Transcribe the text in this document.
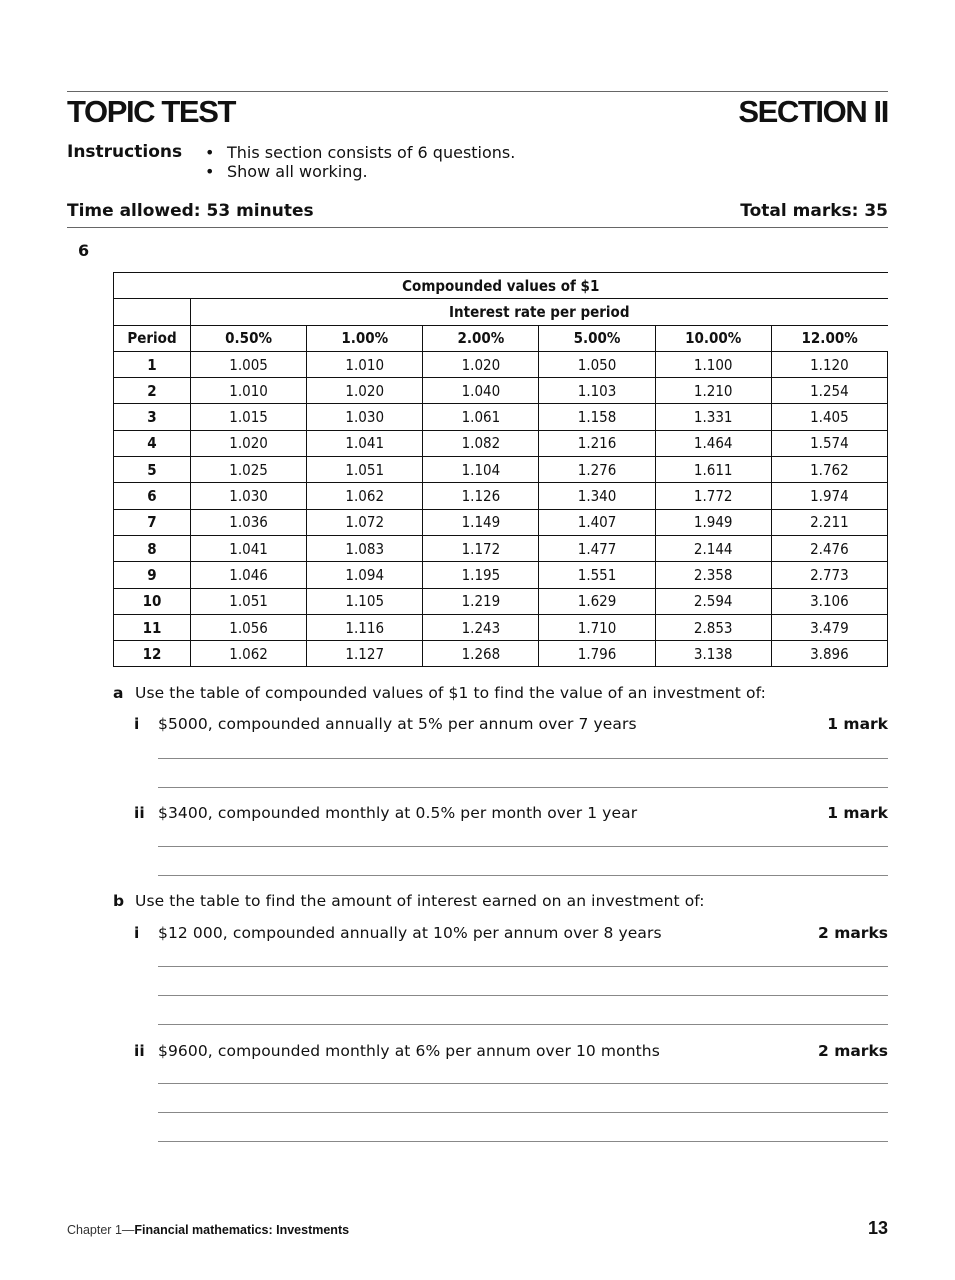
TOPIC TEST	SECTION II
Instructions	• This section consists of 6 questions.
• Show all working.
Time allowed: 53 minutes	Total marks: 35
6
Compounded values of $1						
	Interest rate per period					
Period	0.50%	1.00%	2.00%	5.00%	10.00%	12.00%
1	1.005	1.010	1.020	1.050	1.100	1.120
2	1.010	1.020	1.040	1.103	1.210	1.254
3	1.015	1.030	1.061	1.158	1.331	1.405
4	1.020	1.041	1.082	1.216	1.464	1.574
5	1.025	1.051	1.104	1.276	1.611	1.762
6	1.030	1.062	1.126	1.340	1.772	1.974
7	1.036	1.072	1.149	1.407	1.949	2.211
8	1.041	1.083	1.172	1.477	2.144	2.476
9	1.046	1.094	1.195	1.551	2.358	2.773
10	1.051	1.105	1.219	1.629	2.594	3.106
11	1.056	1.116	1.243	1.710	2.853	3.479
12	1.062	1.127	1.268	1.796	3.138	3.896
a Use the table of compounded values of $1 to find the value of an investment of:
i $5000, compounded annually at 5% per annum over 7 years	1 mark
ii $3400, compounded monthly at 0.5% per month over 1 year	1 mark
b Use the table to find the amount of interest earned on an investment of:
i $12 000, compounded annually at 10% per annum over 8 years	2 marks
ii $9600, compounded monthly at 6% per annum over 10 months	2 marks
Chapter 1—Financial mathematics: Investments	13
